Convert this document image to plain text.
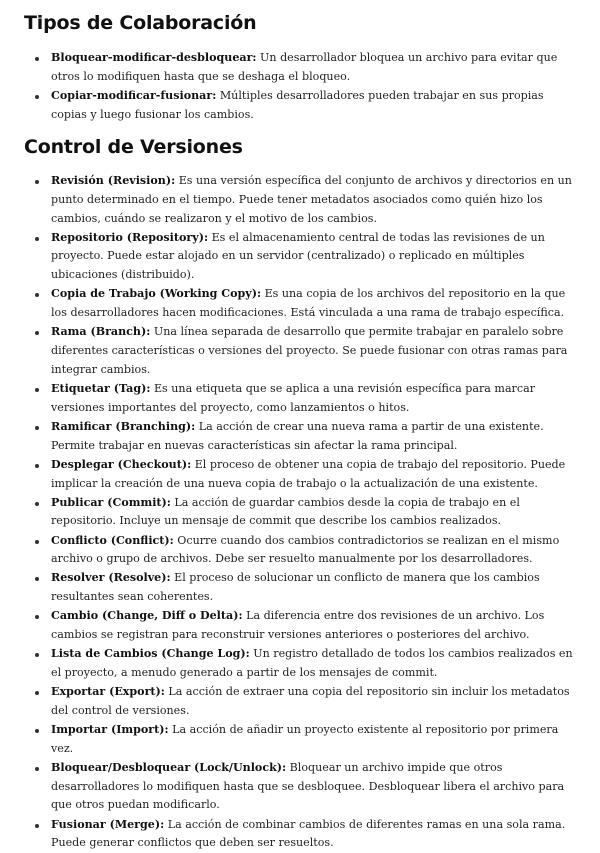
Tipos de Colaboración
Bloquear-modificar-desbloquear: Un desarrollador bloquea un archivo para evitar que otros lo modifiquen hasta que se deshaga el bloqueo.
Copiar-modificar-fusionar: Múltiples desarrolladores pueden trabajar en sus propias copias y luego fusionar los cambios.
Control de Versiones
Revisión (Revision): Es una versión específica del conjunto de archivos y directorios en un punto determinado en el tiempo. Puede tener metadatos asociados como quién hizo los cambios, cuándo se realizaron y el motivo de los cambios.
Repositorio (Repository): Es el almacenamiento central de todas las revisiones de un proyecto. Puede estar alojado en un servidor (centralizado) o replicado en múltiples ubicaciones (distribuido).
Copia de Trabajo (Working Copy): Es una copia de los archivos del repositorio en la que los desarrolladores hacen modificaciones. Está vinculada a una rama de trabajo específica.
Rama (Branch): Una línea separada de desarrollo que permite trabajar en paralelo sobre diferentes características o versiones del proyecto. Se puede fusionar con otras ramas para integrar cambios.
Etiquetar (Tag): Es una etiqueta que se aplica a una revisión específica para marcar versiones importantes del proyecto, como lanzamientos o hitos.
Ramificar (Branching): La acción de crear una nueva rama a partir de una existente. Permite trabajar en nuevas características sin afectar la rama principal.
Desplegar (Checkout): El proceso de obtener una copia de trabajo del repositorio. Puede implicar la creación de una nueva copia de trabajo o la actualización de una existente.
Publicar (Commit): La acción de guardar cambios desde la copia de trabajo en el repositorio. Incluye un mensaje de commit que describe los cambios realizados.
Conflicto (Conflict): Ocurre cuando dos cambios contradictorios se realizan en el mismo archivo o grupo de archivos. Debe ser resuelto manualmente por los desarrolladores.
Resolver (Resolve): El proceso de solucionar un conflicto de manera que los cambios resultantes sean coherentes.
Cambio (Change, Diff o Delta): La diferencia entre dos revisiones de un archivo. Los cambios se registran para reconstruir versiones anteriores o posteriores del archivo.
Lista de Cambios (Change Log): Un registro detallado de todos los cambios realizados en el proyecto, a menudo generado a partir de los mensajes de commit.
Exportar (Export): La acción de extraer una copia del repositorio sin incluir los metadatos del control de versiones.
Importar (Import): La acción de añadir un proyecto existente al repositorio por primera vez.
Bloquear/Desbloquear (Lock/Unlock): Bloquear un archivo impide que otros desarrolladores lo modifiquen hasta que se desbloquee. Desbloquear libera el archivo para que otros puedan modificarlo.
Fusionar (Merge): La acción de combinar cambios de diferentes ramas en una sola rama. Puede generar conflictos que deben ser resueltos.
